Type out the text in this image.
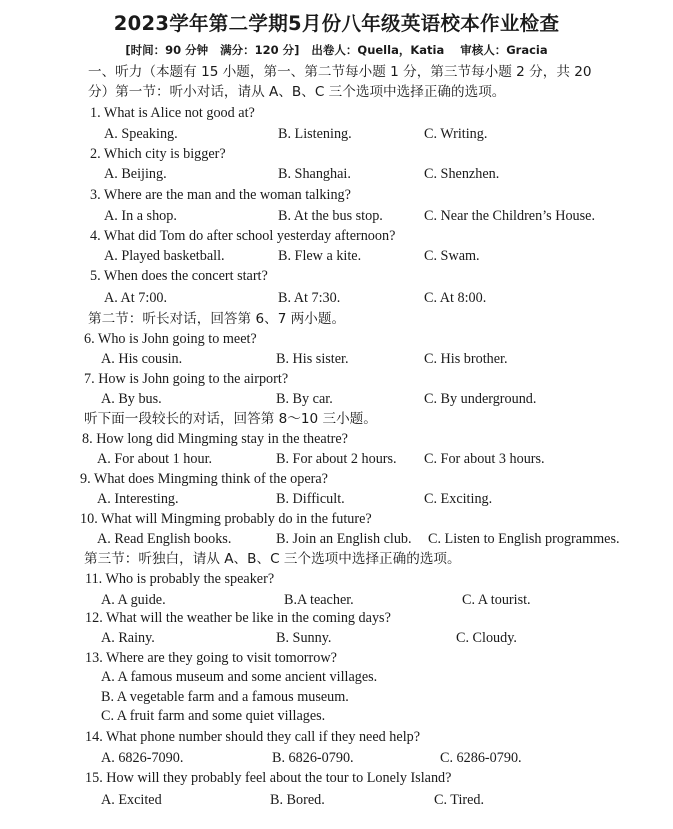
2023学年第二学期5月份八年级英语校本作业检查
[时间：90 分钟   满分：120 分]   出卷人：Quella，Katia    审核人：Gracia
一、听力（本题有 15 小题，第一、第二节每小题 1 分，第三节每小题 2 分，共 20
分）第一节：听小对话，请从 A、B、C 三个选项中选择正确的选项。
1. What is Alice not good at?
A. Speaking.	B. Listening.	C. Writing.
2. Which city is bigger?
A. Beijing.	B. Shanghai.	C. Shenzhen.
3. Where are the man and the woman talking?
A. In a shop.	B. At the bus stop.	C. Near the Children’s House.
4. What did Tom do after school yesterday afternoon?
A. Played basketball.	B. Flew a kite.	C. Swam.
5. When does the concert start?
A. At 7:00.	B. At 7:30.	C. At 8:00.
第二节：听长对话，回答第 6、7 两小题。
6. Who is John going to meet?
A. His cousin.	B. His sister.	C. His brother.
7. How is John going to the airport?
A. By bus.	B. By car.	C. By underground.
听下面一段较长的对话，回答第 8～10 三小题。
8. How long did Mingming stay in the theatre?
A. For about 1 hour.	B. For about 2 hours. C. For about 3 hours.
9. What does Mingming think of the opera?
A. Interesting.	B. Difficult.	C. Exciting.
10. What will Mingming probably do in the future?
A. Read English books.	B. Join an English club. C. Listen to English programmes.
第三节：听独白，请从 A、B、C 三个选项中选择正确的选项。
11. Who is probably the speaker?
A. A guide.	B.A teacher.	C. A tourist.
12. What will the weather be like in the coming days?
A. Rainy.	B. Sunny.	C. Cloudy.
13. Where are they going to visit tomorrow?
A. A famous museum and some ancient villages.
B. A vegetable farm and a famous museum.
C. A fruit farm and some quiet villages.
14. What phone number should they call if they need help?
A. 6826-7090.	B. 6826-0790.	C. 6286-0790.
15. How will they probably feel about the tour to Lonely Island?
A. Excited	B. Bored.	C. Tired.
